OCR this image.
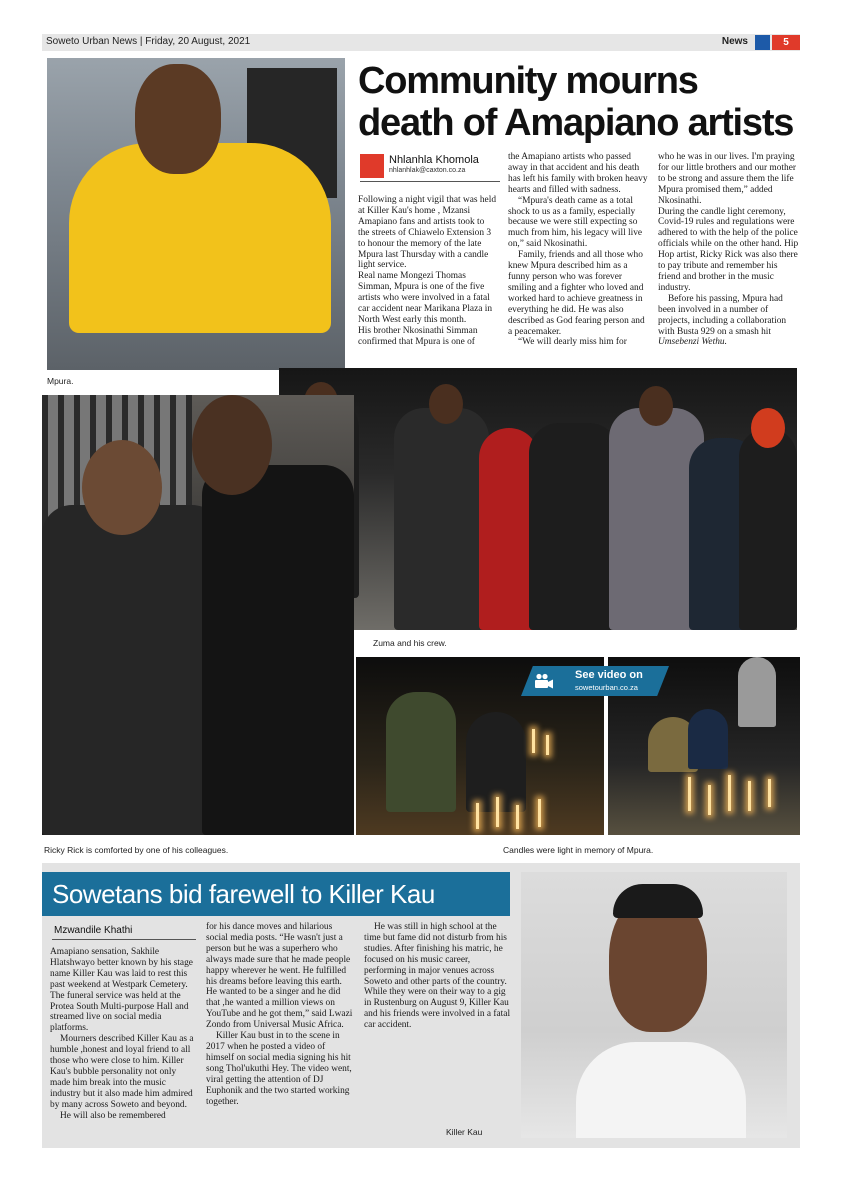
Soweto Urban News | Friday, 20 August, 2021	News	5
Mpura.
Community mourns death of Amapiano artists
Nhlanhla Khomola
nhlanhlak@caxton.co.za

Following a night vigil that was held at Killer Kau's home , Mzansi Amapiano fans and artists took to the streets of Chiawelo Extension 3 to honour the memory of the late Mpura last Thursday with a candle light service.

Real name Mongezi Thomas Simman, Mpura is one of the five artists who were involved in a fatal car accident near Marikana Plaza in North West early this month.

His brother Nkosinathi Simman confirmed that Mpura is one of

the Amapiano artists who passed away in that accident and his death has left his family with broken heavy hearts and filled with sadness.

“Mpura's death came as a total shock to us as a family, especially because we were still expecting so much from him, his legacy will live on,” said Nkosinathi.

Family, friends and all those who knew Mpura described him as a funny person who was forever smiling and a fighter who loved and worked hard to achieve greatness in everything he did. He was also described as God fearing person and a peacemaker.

“We will dearly miss him for

who he was in our lives. I'm praying for our little brothers and our mother to be strong and assure them the life Mpura promised them,” added Nkosinathi.

During the candle light ceremony, Covid-19 rules and regulations were adhered to with the help of the police officials while on the other hand. Hip Hop artist, Ricky Rick was also there to pay tribute and remember his friend and brother in the music industry.

Before his passing, Mpura had been involved in a number of projects, including a collaboration with Busta 929 on a smash hit Umsebenzi Wethu.

Zuma and his crew.
Ricky Rick is comforted by one of his colleagues.	Candles were light in memory of Mpura.
See video on
sowetourban.co.za
Sowetans bid farewell to Killer Kau
Mzwandile Khathi

Amapiano sensation, Sakhile Hlatshwayo better known by his stage name Killer Kau was laid to rest this past weekend at Westpark Cemetery. The funeral service was held at the Protea South Multi-purpose Hall and streamed live on social media platforms.

Mourners described Killer Kau as a humble ,honest and loyal friend to all those who were close to him. Killer Kau's bubble personality not only made him break into the music industry but it also made him admired by many across Soweto and beyond.

He will also be remembered

for his dance moves and hilarious social media posts. “He wasn't just a person but he was a superhero who always made sure that he made people happy wherever he went. He fulfilled his dreams before leaving this earth. He wanted to be a singer and he did that ,he wanted a million views on YouTube and he got them,” said Lwazi Zondo from Universal Music Africa.

Killer Kau bust in to the scene in 2017 when he posted a video of himself on social media signing his hit song Thol'ukuthi Hey. The video went, viral getting the attention of DJ Euphonik and the two started working together.

He was still in high school at the time but fame did not disturb from his studies. After finishing his matric, he focused on his music career, performing in major venues across Soweto and other parts of the country. While they were on their way to a gig in Rustenburg on August 9, Killer Kau and his friends were involved in a fatal car accident.

Killer Kau
